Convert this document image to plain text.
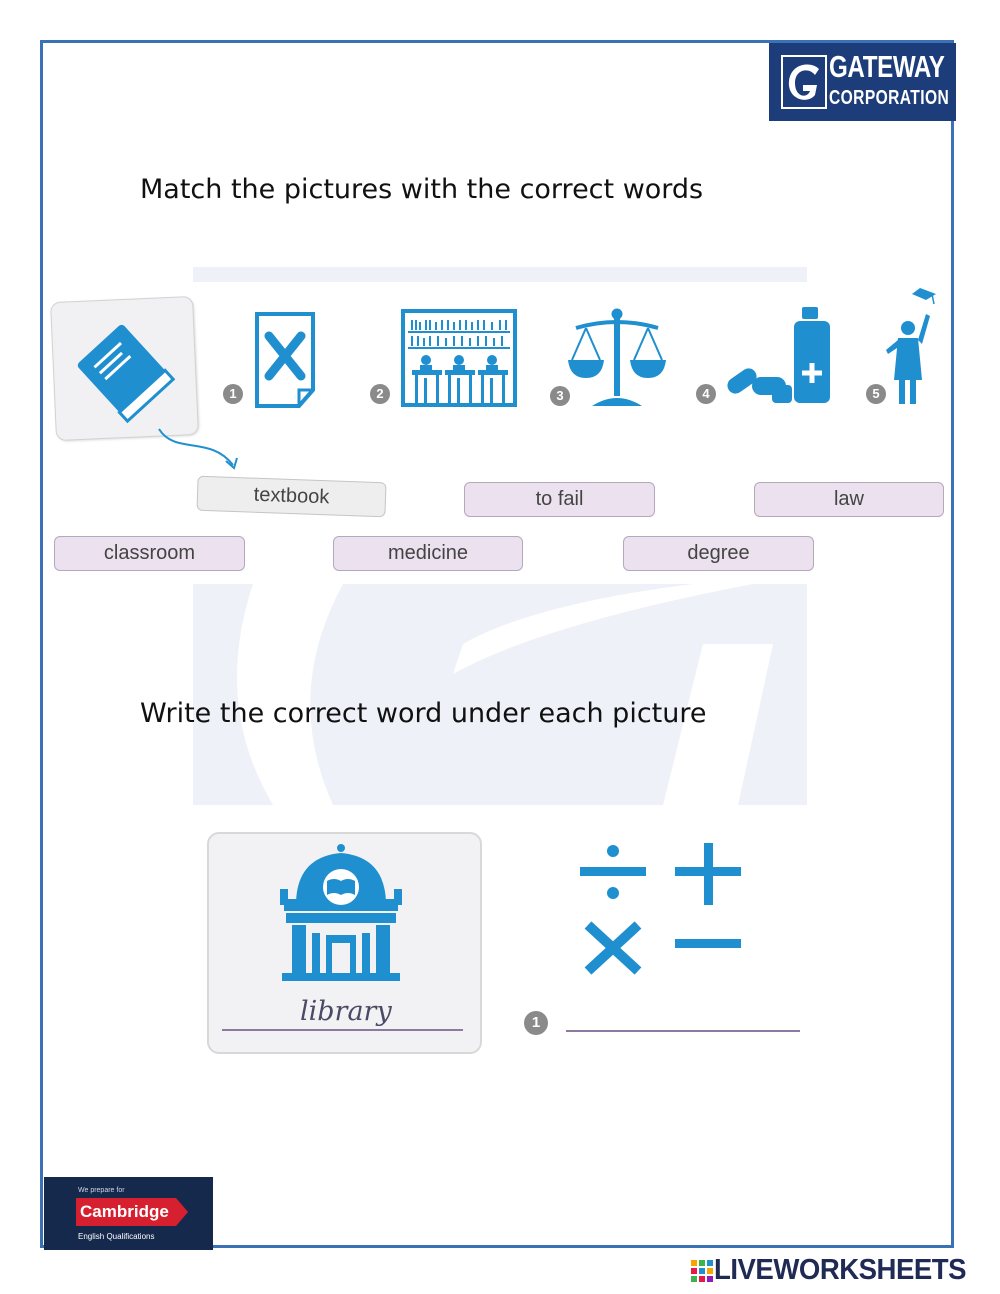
GATEWAY
CORPORATION
Match the pictures with the correct words
1	2	3	4	5
textbook	to fail	law
classroom	medicine	degree
Write the correct word under each picture
library	1
We prepare for
Cambridge
English Qualifications
LIVEWORKSHEETS
